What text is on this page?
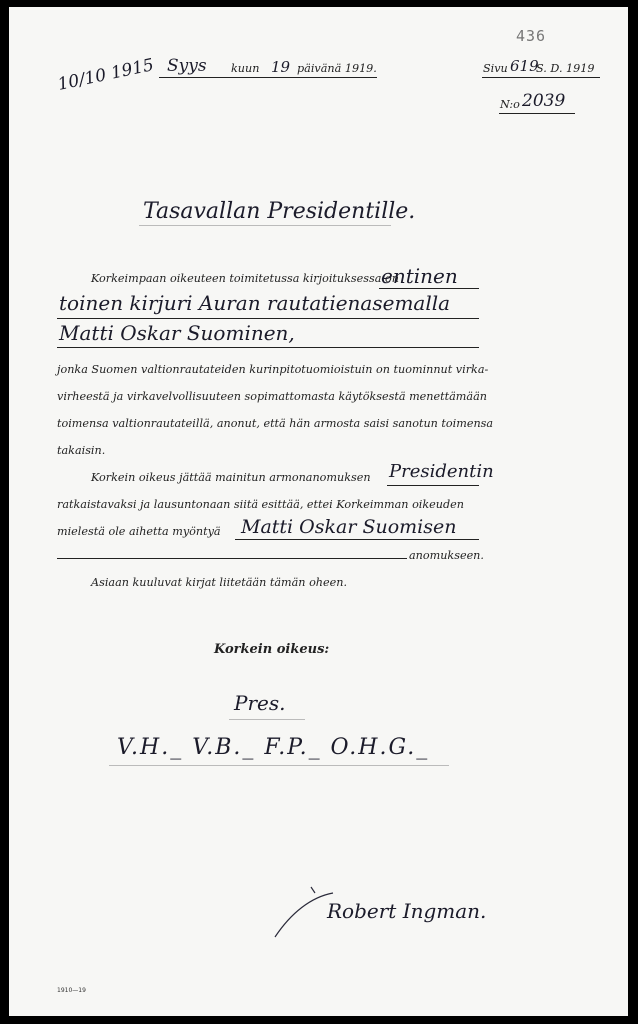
436
10/10 1915 Syys kuun 19 päivänä 1919.	Sivu 619
S. D. 1919
N:o 2039
Tasavallan Presidentille.
Korkeimpaan oikeuteen toimitetussa kirjoituksessa on
entinen
toinen kirjuri Auran rautatienasemalla
Matti Oskar Suominen,
jonka Suomen valtionrautateiden kurinpitotuomioistuin on tuominnut virka-
virheestä ja virkavelvollisuuteen sopimattomasta käytöksestä menettämään
toimensa valtionrautateillä, anonut, että hän armosta saisi sanotun toimensa
takaisin.
Korkein oikeus jättää mainitun armonanomuksen Presidentin
ratkaistavaksi ja lausuntonaan siitä esittää, ettei Korkeimman oikeuden
mielestä ole aihetta myöntyä Matti Oskar Suomisen
anomukseen.
Asiaan kuuluvat kirjat liitetään tämän oheen.
Korkein oikeus:
Pres.
V.H._ V.B._ F.P._ O.H.G._
Robert Ingman.
1910—19
